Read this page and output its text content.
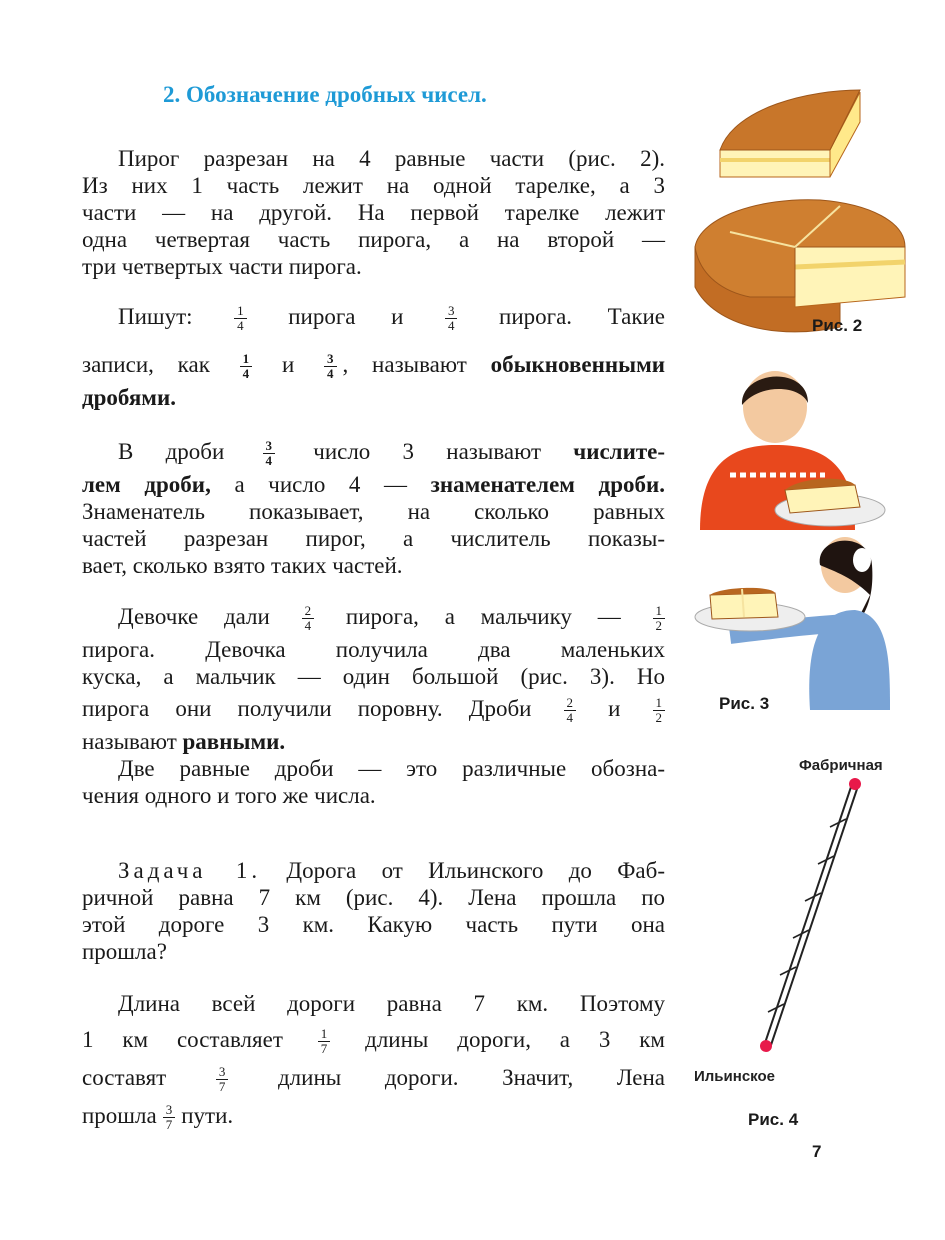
2. Обозначение дробных чисел.
Пирог разрезан на 4 равные части (рис. 2).
Из них 1 часть лежит на одной тарелке, а 3
части — на другой. На первой тарелке лежит
одна четвертая часть пирога, а на второй —
три четвертых части пирога.
Пишут:	$\frac{1}{4}$ пирога и	$\frac{3}{4}$ пирога. Такие
записи, как $\frac{1}{4}$ и $\frac{3}{4}$ , называют обыкновенными
дробями.
В дроби	$\frac{3}{4}$ число 3 называют числите-
лем дроби, а число 4 — знаменателем дроби.
Знаменатель показывает, на сколько равных
частей разрезан пирог, а числитель показы-
вает, сколько взято таких частей.
Девочке дали $\frac{2}{4}$ пирога, а мальчику — $\frac{1}{2}$
пирога. Девочка получила два маленьких
куска, а мальчик — один большой (рис. 3). Но
пирога они получили поровну. Дроби $\frac{2}{4}$ и $\frac{1}{2}$
называют равными.
Две равные дроби — это различные обозна-
чения одного и того же числа.
Задача 1. Дорога от Ильинского до Фаб-
ричной равна 7 км (рис. 4). Лена прошла по
этой дороге 3 км. Какую часть пути она
прошла?
Длина всей дороги равна 7 км. Поэтому
1 км составляет	$\frac{1}{7}$ длины дороги, а 3 км
составят	$\frac{3}{7}$ длины дороги. Значит, Лена
прошла $\frac{3}{7}$ пути.
Рис. 2
Рис. 3
Фабричная
Ильинское
Рис. 4
7
